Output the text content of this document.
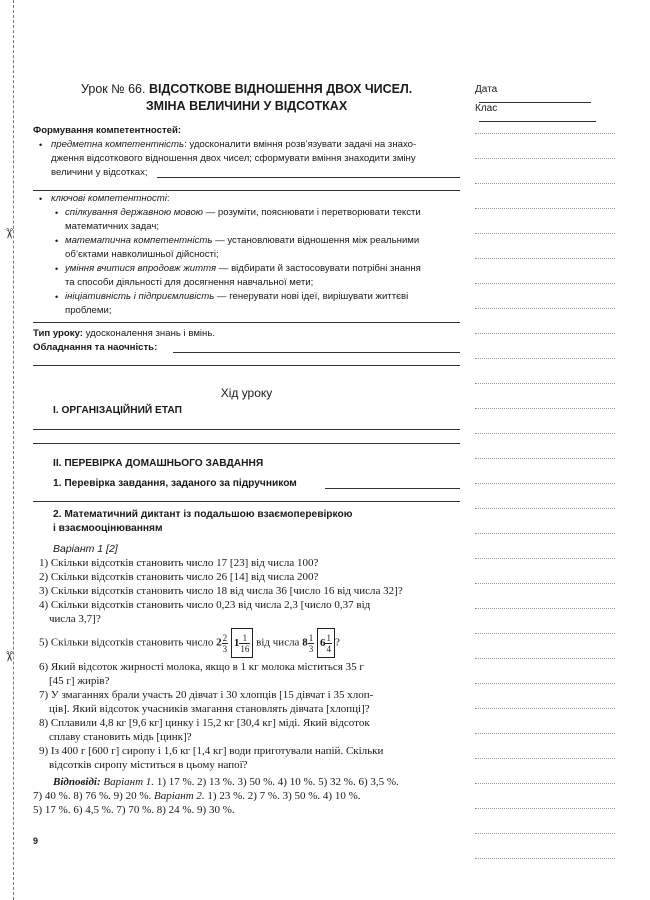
✂
✂
Урок № 66. ВІДСОТКОВЕ ВІДНОШЕННЯ ДВОХ ЧИСЕЛ.
ЗМІНА ВЕЛИЧИНИ У ВІДСОТКАХ
Формування компетентностей:
• предметна компетентність: удосконалити вміння розв’язувати задачі на знахо-
дження відсоткового відношення двох чисел; сформувати вміння знаходити зміну
величини у відсотках;
• ключові компетентності:
• спілкування державною мовою — розуміти, пояснювати і перетворювати тексти
математичних задач;
• математична компетентність — установлювати відношення між реальними
об’єктами навколишньої дійсності;
• уміння вчитися впродовж життя — відбирати й застосовувати потрібні знання
та способи діяльності для досягнення навчальної мети;
• ініціативність і підприємливість — генерувати нові ідеї, вирішувати життєві
проблеми;
Тип уроку: удосконалення знань і вмінь.
Обладнання та наочність:
Хід уроку
І. ОРГАНІЗАЦІЙНИЙ ЕТАП
ІІ. ПЕРЕВІРКА ДОМАШНЬОГО ЗАВДАННЯ
1. Перевірка завдання, заданого за підручником
2. Математичний диктант із подальшою взаємоперевіркою
і взаємооцінюванням
Варіант 1 [2]
1) Скільки відсотків становить число 17 [23] від числа 100?
2) Скільки відсотків становить число 26 [14] від числа 200?
3) Скільки відсотків становить число 18 від числа 36 [число 16 від числа 32]?
4) Скільки відсотків становить число 0,23 від числа 2,3 [число 0,37 від
числа 3,7]?
5) Скільки відсотків становить число $2 \frac{2}{3} 1 \frac{1}{16}$ від числа $8 \frac{1}{3} 6 \frac{1}{4}$ ?
6) Який відсоток жирності молока, якщо в 1 кг молока міститься 35 г
[45 г] жирів?
7) У змаганнях брали участь 20 дівчат і 30 хлопців [15 дівчат і 35 хлоп-
ців]. Який відсоток учасників змагання становлять дівчата [хлопці]?
8) Сплавили 4,8 кг [9,6 кг] цинку і 15,2 кг [30,4 кг] міді. Який відсоток
сплаву становить мідь [цинк]?
9) Із 400 г [600 г] сиропу і 1,6 кг [1,4 кг] води приготували напій. Скільки
відсотків сиропу міститься в цьому напої?
Відповіді: Варіант 1. 1) 17 %. 2) 13 %. 3) 50 %. 4) 10 %. 5) 32 %. 6) 3,5 %.
7) 40 %. 8) 76 %. 9) 20 %. Варіант 2. 1) 23 %. 2) 7 %. 3) 50 %. 4) 10 %.
5) 17 %. 6) 4,5 %. 7) 70 %. 8) 24 %. 9) 30 %.
9
Дата
Клас
